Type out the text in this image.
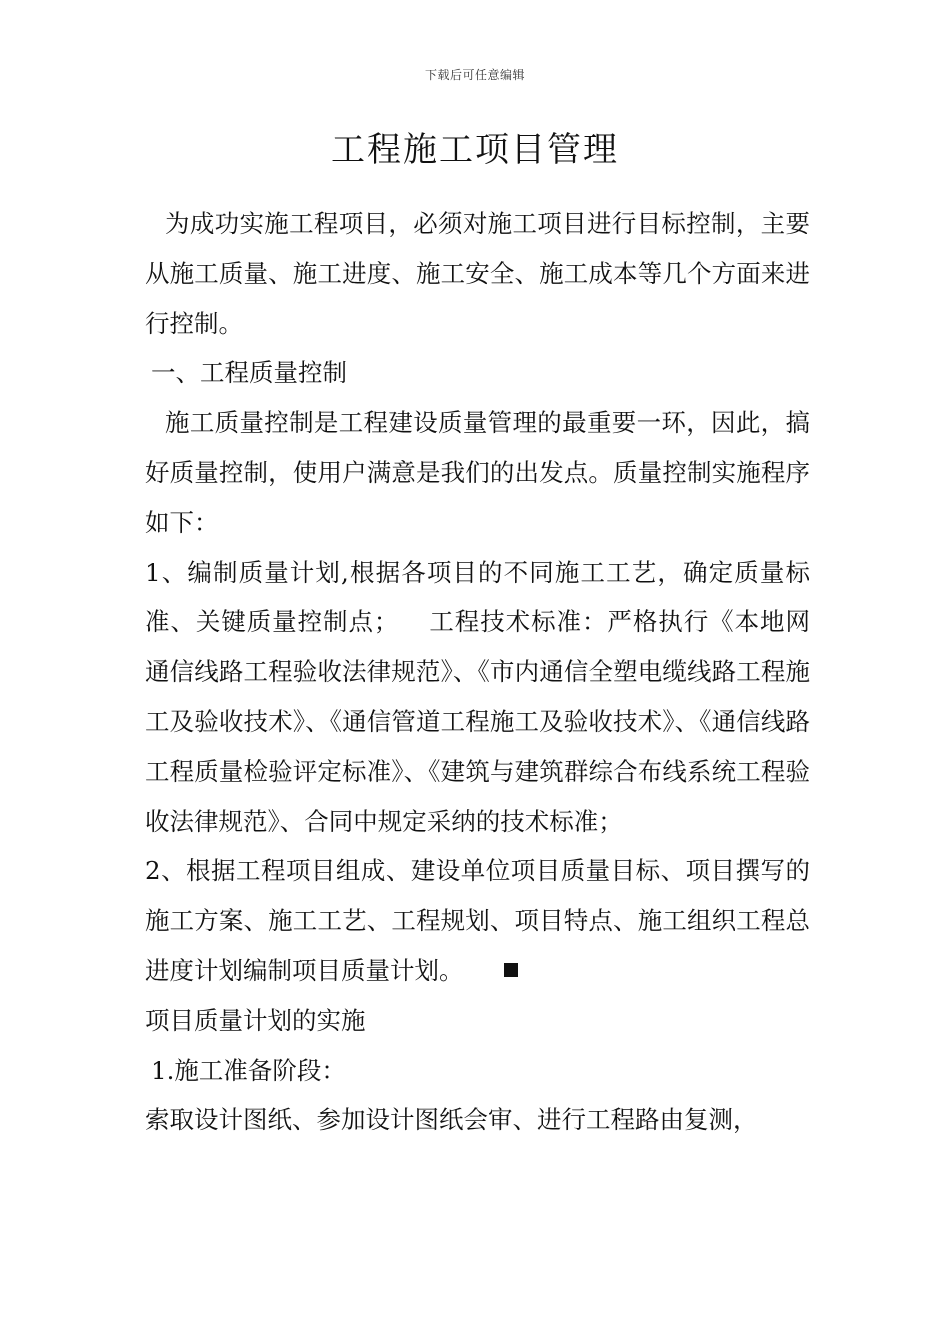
下载后可任意编辑
工程施工项目管理

为成功实施工程项目，必须对施工项目进行目标控制，主要从施工质量、施工进度、施工安全、施工成本等几个方面来进行控制。

一、工程质量控制

施工质量控制是工程建设质量管理的最重要一环，因此，搞好质量控制，使用户满意是我们的出发点。质量控制实施程序如下：

1、编制质量计划,根据各项目的不同施工工艺，确定质量标准、关键质量控制点； 工程技术标准：严格执行《本地网通信线路工程验收法律规范》、《市内通信全塑电缆线路工程施工及验收技术》、《通信管道工程施工及验收技术》、《通信线路工程质量检验评定标准》、《建筑与建筑群综合布线系统工程验收法律规范》、合同中规定采纳的技术标准；

2、根据工程项目组成、建设单位项目质量目标、项目撰写的施工方案、施工工艺、工程规划、项目特点、施工组织工程总进度计划编制项目质量计划。

项目质量计划的实施

1.施工准备阶段：

索取设计图纸、参加设计图纸会审、进行工程路由复测，
